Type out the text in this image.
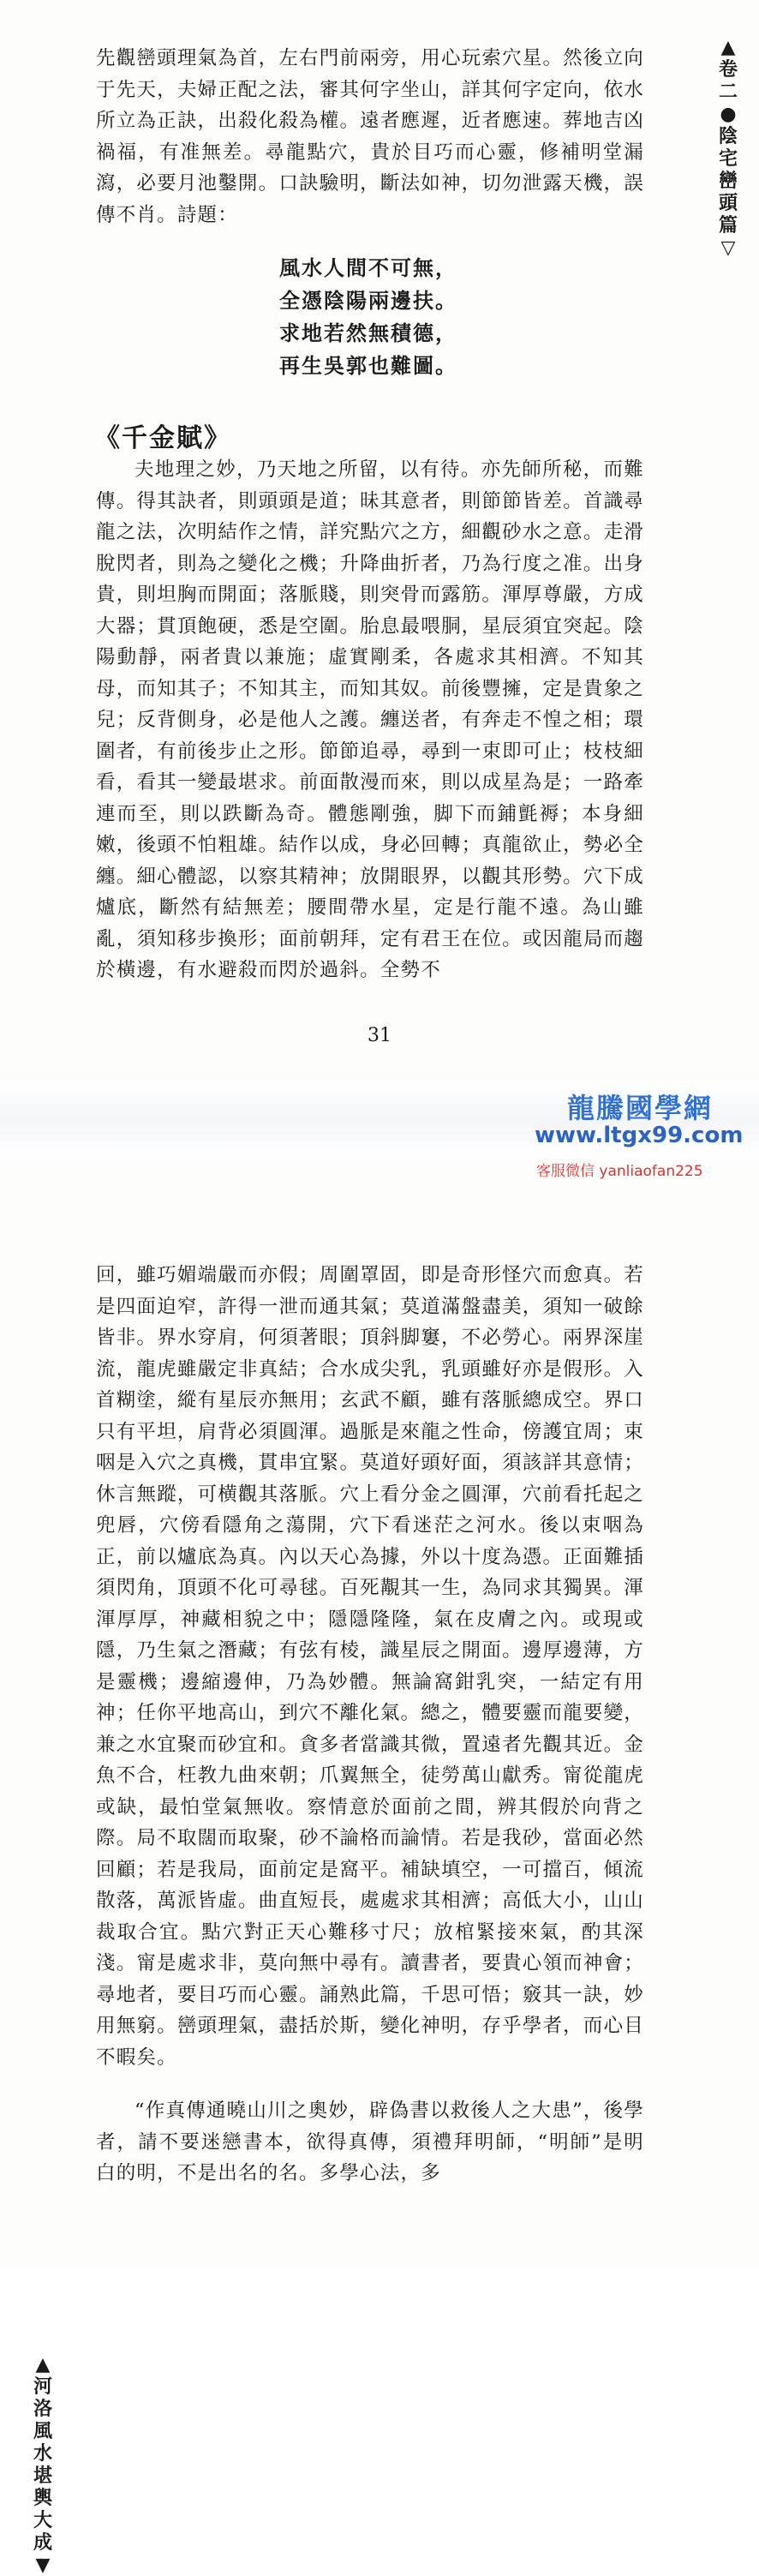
▲
卷
二
●
陰
宅
巒
頭
篇
▽

先觀巒頭理氣為首，左右門前兩旁，用心玩索穴星。然後立向于先天，夫婦正配之法，審其何字坐山，詳其何字定向，依水所立為正訣，出殺化殺為權。遠者應遲，近者應速。葬地吉凶禍福，有准無差。尋龍點穴，貴於目巧而心靈，修補明堂漏瀉，必要月池鑿開。口訣驗明，斷法如神，切勿泄露天機，誤傳不肖。詩題：

風水人間不可無，
全憑陰陽兩邊扶。
求地若然無積德，
再生吳郭也難圖。
《千金賦》

夫地理之妙，乃天地之所留，以有待。亦先師所秘，而難傳。得其訣者，則頭頭是道；昧其意者，則節節皆差。首識尋龍之法，次明結作之情，詳究點穴之方，細觀砂水之意。走滑脫閃者，則為之變化之機；升降曲折者，乃為行度之准。出身貴，則坦胸而開面；落脈賤，則突骨而露筋。渾厚尊嚴，方成大器；貫頂飽硬，悉是空圍。胎息最喂胴，星辰須宜突起。陰陽動靜，兩者貴以兼施；虛實剛柔，各處求其相濟。不知其母，而知其子；不知其主，而知其奴。前後豐擁，定是貴象之兒；反背側身，必是他人之護。纏送者，有奔走不惶之相；環圍者，有前後步止之形。節節追尋，尋到一束即可止；枝枝細看，看其一變最堪求。前面散漫而來，則以成星為是；一路牽連而至，則以跌斷為奇。體態剛強，脚下而鋪氈褥；本身細嫩，後頭不怕粗雄。結作以成，身必回轉；真龍欲止，勢必全纏。細心體認，以察其精神；放開眼界，以觀其形勢。穴下成爐底，斷然有結無差；腰間帶水星，定是行龍不遠。為山雖亂，須知移步換形；面前朝拜，定有君王在位。或因龍局而趨於橫邊，有水避殺而閃於過斜。全勢不

31
龍騰國學網
www.ltgx99.com
▲
河
洛
風
水
堪
輿
大
成
▼
客服微信 yanliaofan225

回，雖巧媚端嚴而亦假；周圍罩固，即是奇形怪穴而愈真。若是四面迫窄，許得一泄而通其氣；莫道滿盤盡美，須知一破餘皆非。界水穿肩，何須著眼；頂斜脚窶，不必勞心。兩界深崖流，龍虎雖嚴定非真結；合水成尖乳，乳頭雖好亦是假形。入首糊塗，縱有星辰亦無用；玄武不顧，雖有落脈總成空。界口只有平坦，肩背必須圓渾。過脈是來龍之性命，傍護宜周；束咽是入穴之真機，貫串宜緊。莫道好頭好面，須該詳其意情；休言無蹤，可横觀其落脈。穴上看分金之圓渾，穴前看托起之兜唇，穴傍看隱角之蕩開，穴下看迷茫之河水。後以束咽為正，前以爐底為真。內以天心為據，外以十度為憑。正面難插須閃角，頂頭不化可尋毬。百死覯其一生，為同求其獨異。渾渾厚厚，神藏相貌之中；隱隱隆隆，氣在皮膚之內。或現或隱，乃生氣之潛藏；有弦有棱，識星辰之開面。邊厚邊薄，方是靈機；邊縮邊伸，乃為妙體。無論窩鉗乳突，一結定有用神；任你平地高山，到穴不離化氣。總之，體要靈而龍要變，兼之水宜聚而砂宜和。貪多者當識其微，置遠者先觀其近。金魚不合，枉教九曲來朝；爪翼無全，徒勞萬山獻秀。甯從龍虎或缺，最怕堂氣無收。察情意於面前之間，辨其假於向背之際。局不取闊而取聚，砂不論格而論情。若是我砂，當面必然回顧；若是我局，面前定是窩平。補缺填空，一可擋百，傾流散落，萬派皆虛。曲直短長，處處求其相濟；高低大小，山山裁取合宜。點穴對正天心難移寸尺；放棺緊接來氣，酌其深淺。甯是處求非，莫向無中尋有。讀書者，要貴心領而神會；尋地者，要目巧而心靈。誦熟此篇，千思可悟；竅其一訣，妙用無窮。巒頭理氣，盡括於斯，變化神明，存乎學者，而心目不暇矣。

“作真傳通曉山川之奧妙，辟偽書以救後人之大患”，後學者，請不要迷戀書本，欲得真傳，須禮拜明師，“明師”是明白的明，不是出名的名。多學心法，多
